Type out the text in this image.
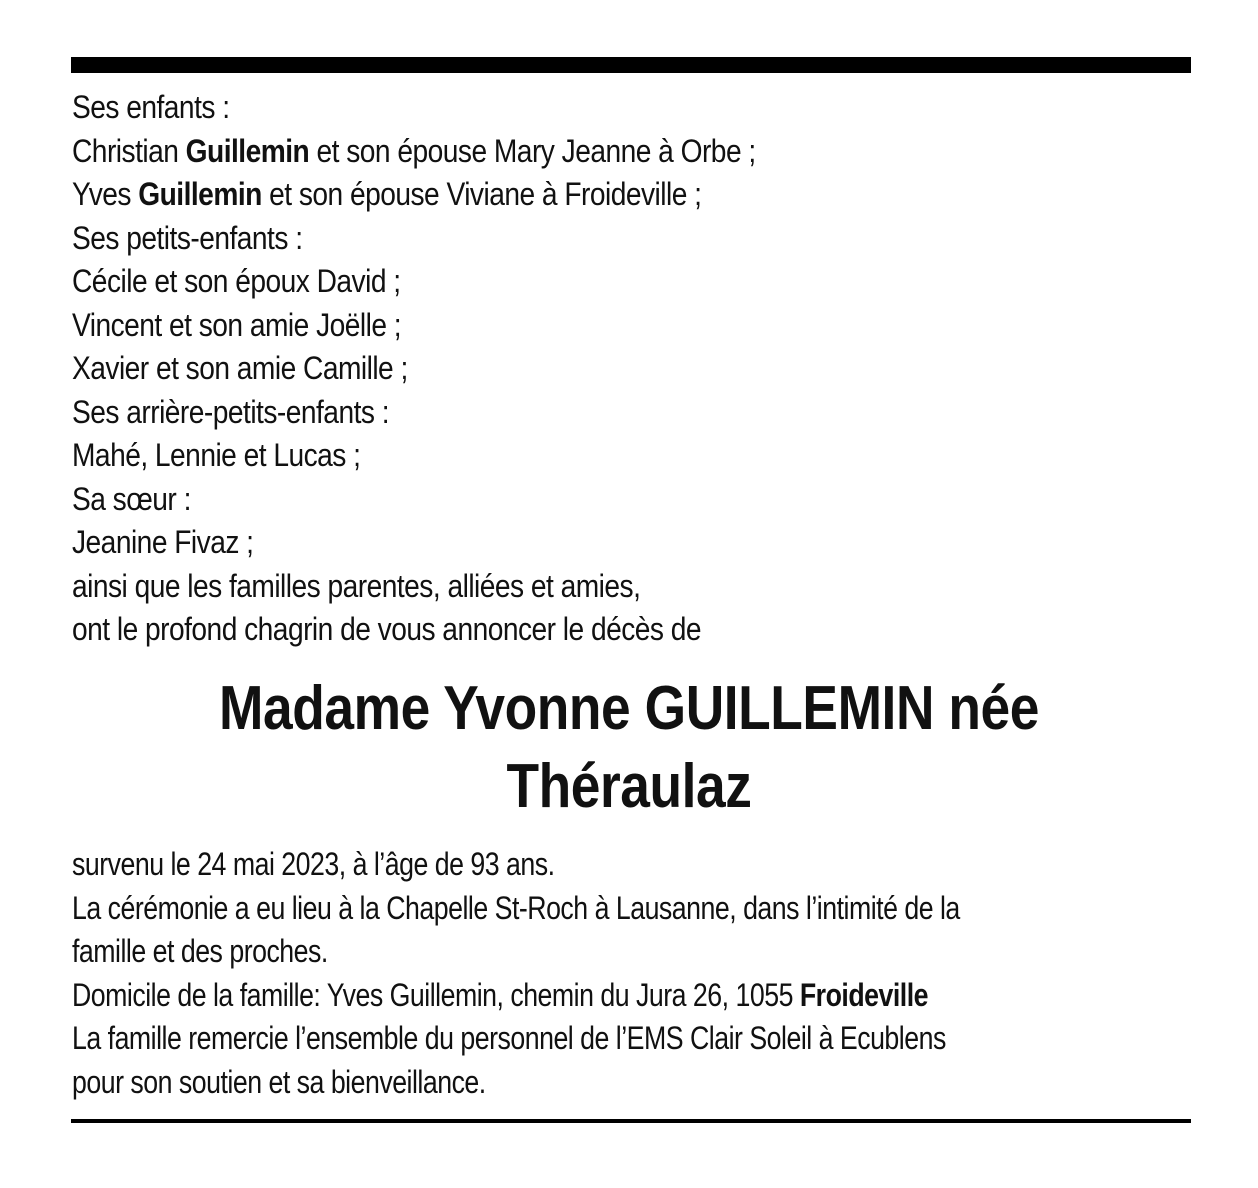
Ses enfants :
Christian Guillemin et son épouse Mary Jeanne à Orbe ;
Yves Guillemin et son épouse Viviane à Froideville ;
Ses petits-enfants :
Cécile et son époux David ;
Vincent et son amie Joëlle ;
Xavier et son amie Camille ;
Ses arrière-petits-enfants :
Mahé, Lennie et Lucas ;
Sa sœur :
Jeanine Fivaz ;
ainsi que les familles parentes, alliées et amies,
ont le profond chagrin de vous annoncer le décès de
Madame Yvonne GUILLEMIN née
Théraulaz
survenu le 24 mai 2023, à l’âge de 93 ans.
La cérémonie a eu lieu à la Chapelle St-Roch à Lausanne, dans l’intimité de la
famille et des proches.
Domicile de la famille: Yves Guillemin, chemin du Jura 26, 1055 Froideville
La famille remercie l’ensemble du personnel de l’EMS Clair Soleil à Ecublens
pour son soutien et sa bienveillance.
